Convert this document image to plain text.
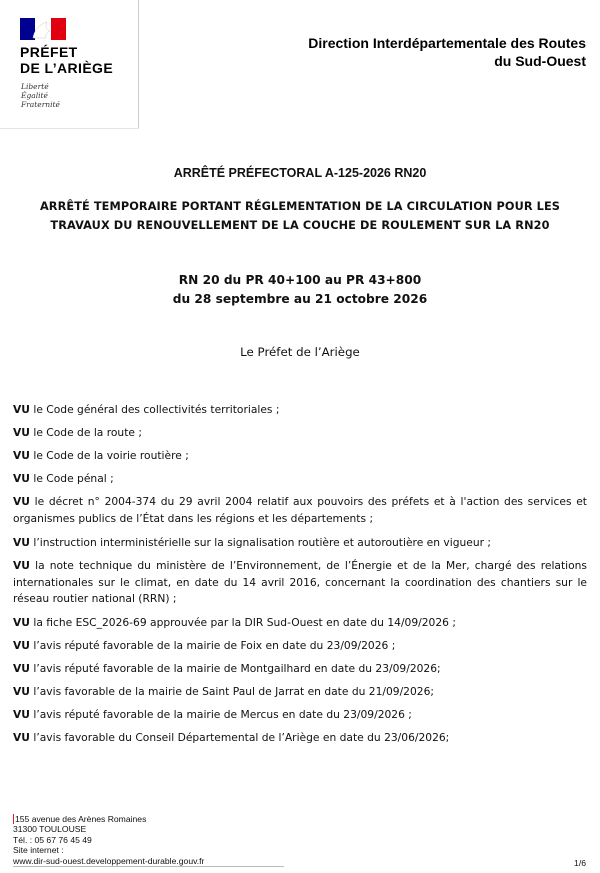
PRÉFET
DE L’ARIÈGE
Liberté
Égalité
Fraternité
Direction Interdépartementale des Routes
du Sud-Ouest
ARRÊTÉ PRÉFECTORAL A-125-2026 RN20
ARRÊTÉ TEMPORAIRE PORTANT RÉGLEMENTATION DE LA CIRCULATION POUR LES
TRAVAUX DU RENOUVELLEMENT DE LA COUCHE DE ROULEMENT SUR LA RN20
RN 20 du PR 40+100 au PR 43+800
du 28 septembre au 21 octobre 2026
Le Préfet de l’Ariège
VU le Code général des collectivités territoriales ;
VU le Code de la route ;
VU le Code de la voirie routière ;
VU le Code pénal ;
VU le décret n° 2004-374 du 29 avril 2004 relatif aux pouvoirs des préfets et à l'action des services et organismes publics de l’État dans les régions et les départements ;
VU l’instruction interministérielle sur la signalisation routière et autoroutière en vigueur ;
VU la note technique du ministère de l’Environnement, de l’Énergie et de la Mer, chargé des relations internationales sur le climat, en date du 14 avril 2016, concernant la coordination des chantiers sur le réseau routier national (RRN) ;
VU la fiche ESC_2026-69 approuvée par la DIR Sud-Ouest en date du 14/09/2026 ;
VU l’avis réputé favorable de la mairie de Foix en date du 23/09/2026 ;
VU l’avis réputé favorable de la mairie de Montgailhard en date du 23/09/2026;
VU l’avis favorable de la mairie de Saint Paul de Jarrat en date du 21/09/2026;
VU l’avis réputé favorable de la mairie de Mercus en date du 23/09/2026 ;
VU l’avis favorable du Conseil Départemental de l’Ariège en date du 23/06/2026;
155 avenue des Arènes Romaines
31300 TOULOUSE
Tél. : 05 67 76 45 49
Site internet :
www.dir-sud-ouest.developpement-durable.gouv.fr	1/6
